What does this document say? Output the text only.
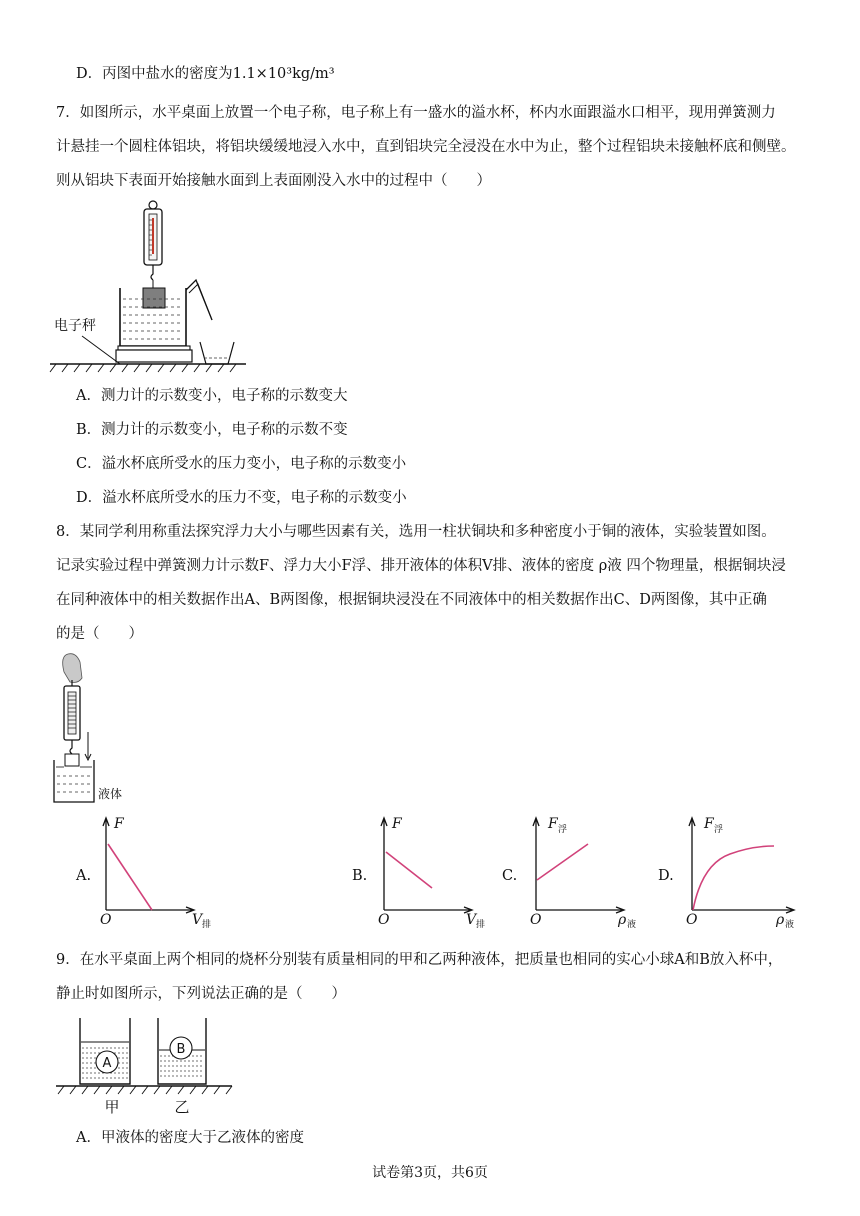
D．丙图中盐水的密度为1.1×10³kg/m³
7．如图所示，水平桌面上放置一个电子称，电子称上有一盛水的溢水杯，杯内水面跟溢水口相平，现用弹簧测力
计悬挂一个圆柱体铝块，将铝块缓缓地浸入水中，直到铝块完全浸没在水中为止，整个过程铝块未接触杯底和侧壁。
则从铝块下表面开始接触水面到上表面刚没入水中的过程中（　　）
电子秤
A．测力计的示数变小，电子称的示数变大
B．测力计的示数变小，电子称的示数不变
C．溢水杯底所受水的压力变小，电子称的示数变小
D．溢水杯底所受水的压力不变，电子称的示数变小
8．某同学利用称重法探究浮力大小与哪些因素有关，选用一柱状铜块和多种密度小于铜的液体，实验装置如图。
记录实验过程中弹簧测力计示数F、浮力大小F浮、排开液体的体积V排、液体的密度 ρ液 四个物理量，根据铜块浸
在同种液体中的相关数据作出A、B两图像，根据铜块浸没在不同液体中的相关数据作出C、D两图像，其中正确
的是（　　）
液体
A.
F
O	V 排
B.
F
O	V 排
C.
F 浮
O	ρ 液
D.
F 浮
O	ρ 液
9．在水平桌面上两个相同的烧杯分别装有质量相同的甲和乙两种液体，把质量也相同的实心小球A和B放入杯中，
静止时如图所示，下列说法正确的是（　　）
A
B
甲	乙
A．甲液体的密度大于乙液体的密度
试卷第3页，共6页
